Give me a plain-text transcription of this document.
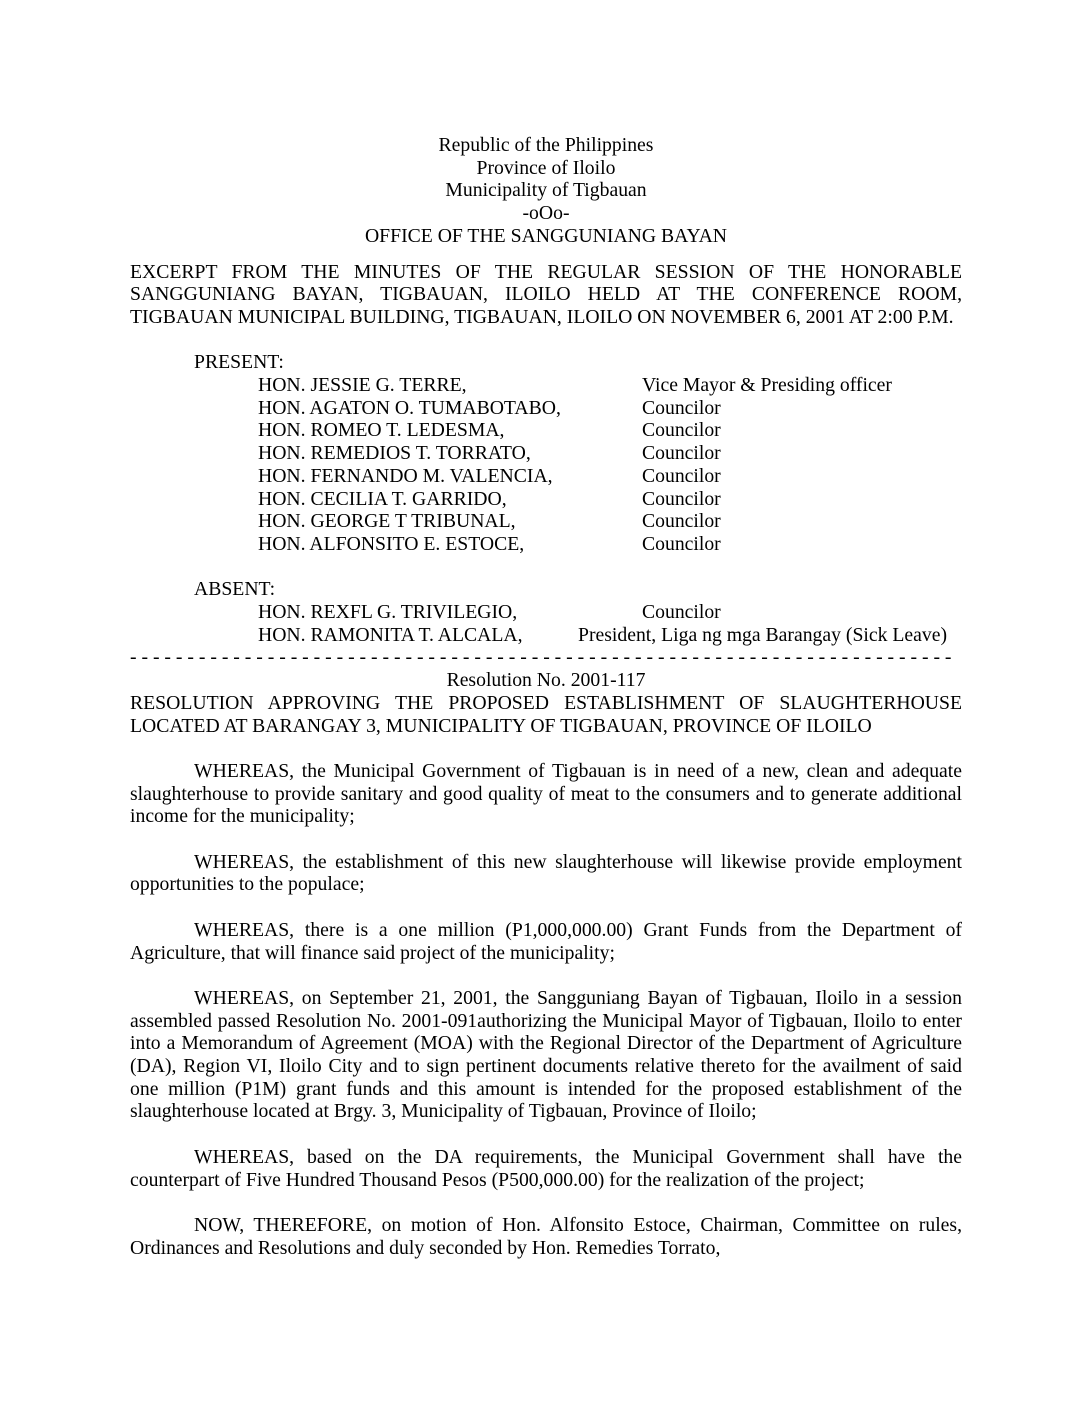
Republic of the Philippines
Province of Iloilo
Municipality of Tigbauan
-oOo-
OFFICE OF THE SANGGUNIANG BAYAN
EXCERPT FROM THE MINUTES OF THE REGULAR SESSION OF THE HONORABLE SANGGUNIANG BAYAN, TIGBAUAN, ILOILO HELD AT THE CONFERENCE ROOM, TIGBAUAN MUNICIPAL BUILDING, TIGBAUAN, ILOILO ON NOVEMBER 6, 2001 AT 2:00 P.M.
PRESENT:
HON. JESSIE G. TERRE,	Vice Mayor & Presiding officer
HON. AGATON O. TUMABOTABO,	Councilor
HON. ROMEO T. LEDESMA,	Councilor
HON. REMEDIOS T. TORRATO,	Councilor
HON. FERNANDO M. VALENCIA,	Councilor
HON. CECILIA T. GARRIDO,	Councilor
HON. GEORGE T TRIBUNAL,	Councilor
HON. ALFONSITO E. ESTOCE,	Councilor
ABSENT:
HON. REXFL G. TRIVILEGIO,	Councilor
HON. RAMONITA T. ALCALA,	President, Liga ng mga Barangay (Sick Leave)
- - - - - - - - - - - - - - - - - - - - - - - - - - - - - - - - - - - - - - - - - - - - - - - - - - - - - - - - - - - - - - - - - - - - - - - -
Resolution No. 2001-117
RESOLUTION APPROVING THE PROPOSED ESTABLISHMENT OF SLAUGHTERHOUSE LOCATED AT BARANGAY 3, MUNICIPALITY OF TIGBAUAN, PROVINCE OF ILOILO
WHEREAS, the Municipal Government of Tigbauan is in need of a new, clean and adequate slaughterhouse to provide sanitary and good quality of meat to the consumers and to generate additional income for the municipality;
WHEREAS, the establishment of this new slaughterhouse will likewise provide employment opportunities to the populace;
WHEREAS, there is a one million (P1,000,000.00) Grant Funds from the Department of Agriculture, that will finance said project of the municipality;
WHEREAS, on September 21, 2001, the Sangguniang Bayan of Tigbauan, Iloilo in a session assembled passed Resolution No. 2001-091authorizing the Municipal Mayor of Tigbauan, Iloilo to enter into a Memorandum of Agreement (MOA) with the Regional Director of the Department of Agriculture (DA), Region VI, Iloilo City and to sign pertinent documents relative thereto for the availment of said one million (P1M) grant funds and this amount is intended for the proposed establishment of the slaughterhouse located at Brgy. 3, Municipality of Tigbauan, Province of Iloilo;
WHEREAS, based on the DA requirements, the Municipal Government shall have the counterpart of Five Hundred Thousand Pesos (P500,000.00) for the realization of the project;
NOW, THEREFORE, on motion of Hon. Alfonsito Estoce, Chairman, Committee on rules, Ordinances and Resolutions and duly seconded by Hon. Remedies Torrato,
